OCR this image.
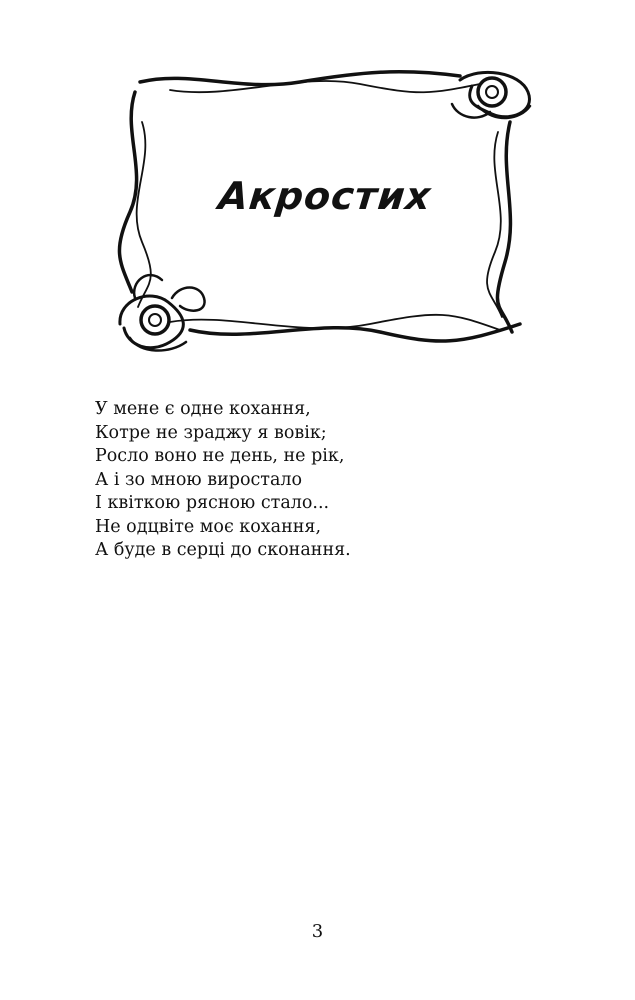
Акростих
У мене є одне кохання,
Котре не зраджу я вовік;
Росло воно не день, не рік,
А і зо мною виростало
І квіткою рясною стало...
Не одцвіте моє кохання,
А буде в серці до сконання.
3
